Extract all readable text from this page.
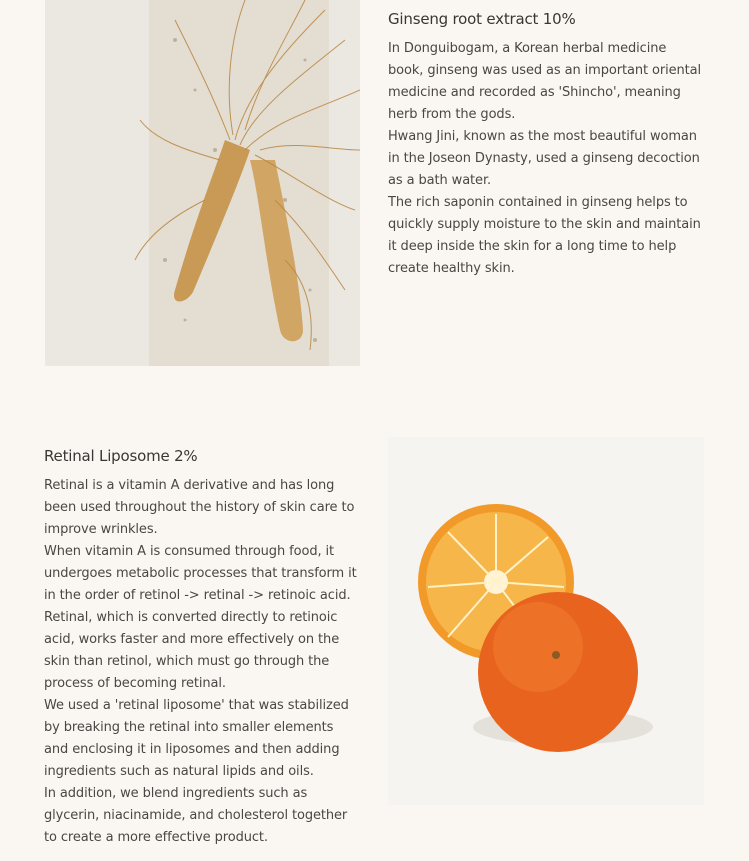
Ginseng root extract 10%

In Donguibogam, a Korean herbal medicine book, ginseng was used as an important oriental medicine and recorded as 'Shincho', meaning herb from the gods.

Hwang Jini, known as the most beautiful woman in the Joseon Dynasty, used a ginseng decoction as a bath water.

The rich saponin contained in ginseng helps to quickly supply moisture to the skin and maintain it deep inside the skin for a long time to help create healthy skin.

Retinal Liposome 2%

Retinal is a vitamin A derivative and has long been used throughout the history of skin care to improve wrinkles.

When vitamin A is consumed through food, it undergoes metabolic processes that transform it in the order of retinol -> retinal -> retinoic acid.

Retinal, which is converted directly to retinoic acid, works faster and more effectively on the skin than retinol, which must go through the process of becoming retinal.

We used a 'retinal liposome' that was stabilized by breaking the retinal into smaller elements and enclosing it in liposomes and then adding ingredients such as natural lipids and oils.

In addition, we blend ingredients such as glycerin, niacinamide, and cholesterol together to create a more effective product.
